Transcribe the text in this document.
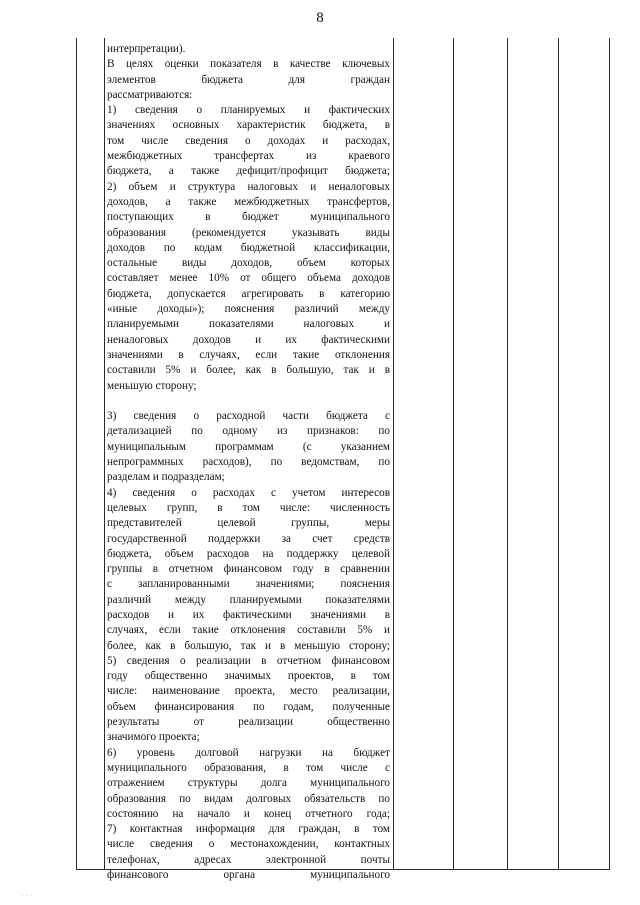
8
интерпретации).
В целях оценки показателя в качестве ключевых
элементов бюджета для граждан
рассматриваются:
1) сведения о планируемых и фактических
значениях основных характеристик бюджета, в
том числе сведения о доходах и расходах,
межбюджетных трансфертах из краевого
бюджета, а также дефицит/профицит бюджета;
2) объем и структура налоговых и неналоговых
доходов, а также межбюджетных трансфертов,
поступающих в бюджет муниципального
образования (рекомендуется указывать виды
доходов по кодам бюджетной классификации,
остальные виды доходов, объем которых
составляет менее 10% от общего объема доходов
бюджета, допускается агрегировать в категорию
«иные доходы»); пояснения различий между
планируемыми показателями налоговых и
неналоговых доходов и их фактическими
значениями в случаях, если такие отклонения
составили 5% и более, как в большую, так и в
меньшую сторону;
3) сведения о расходной части бюджета с
детализацией по одному из признаков: по
муниципальным программам (с указанием
непрограммных расходов), по ведомствам, по
разделам и подразделам;
4) сведения о расходах с учетом интересов
целевых групп, в том числе: численность
представителей целевой группы, меры
государственной поддержки за счет средств
бюджета, объем расходов на поддержку целевой
группы в отчетном финансовом году в сравнении
с запланированными значениями; пояснения
различий между планируемыми показателями
расходов и их фактическими значениями в
случаях, если такие отклонения составили 5% и
более, как в большую, так и в меньшую сторону;
5) сведения о реализации в отчетном финансовом
году общественно значимых проектов, в том
числе: наименование проекта, место реализации,
объем финансирования по годам, полученные
результаты от реализации общественно
значимого проекта;
6) уровень долговой нагрузки на бюджет
муниципального образования, в том числе с
отражением структуры долга муниципального
образования по видам долговых обязательств по
состоянию на начало и конец отчетного года;
7) контактная информация для граждан, в том
числе сведения о местонахождении, контактных
телефонах, адресах электронной почты
финансового органа муниципального
· · ·
